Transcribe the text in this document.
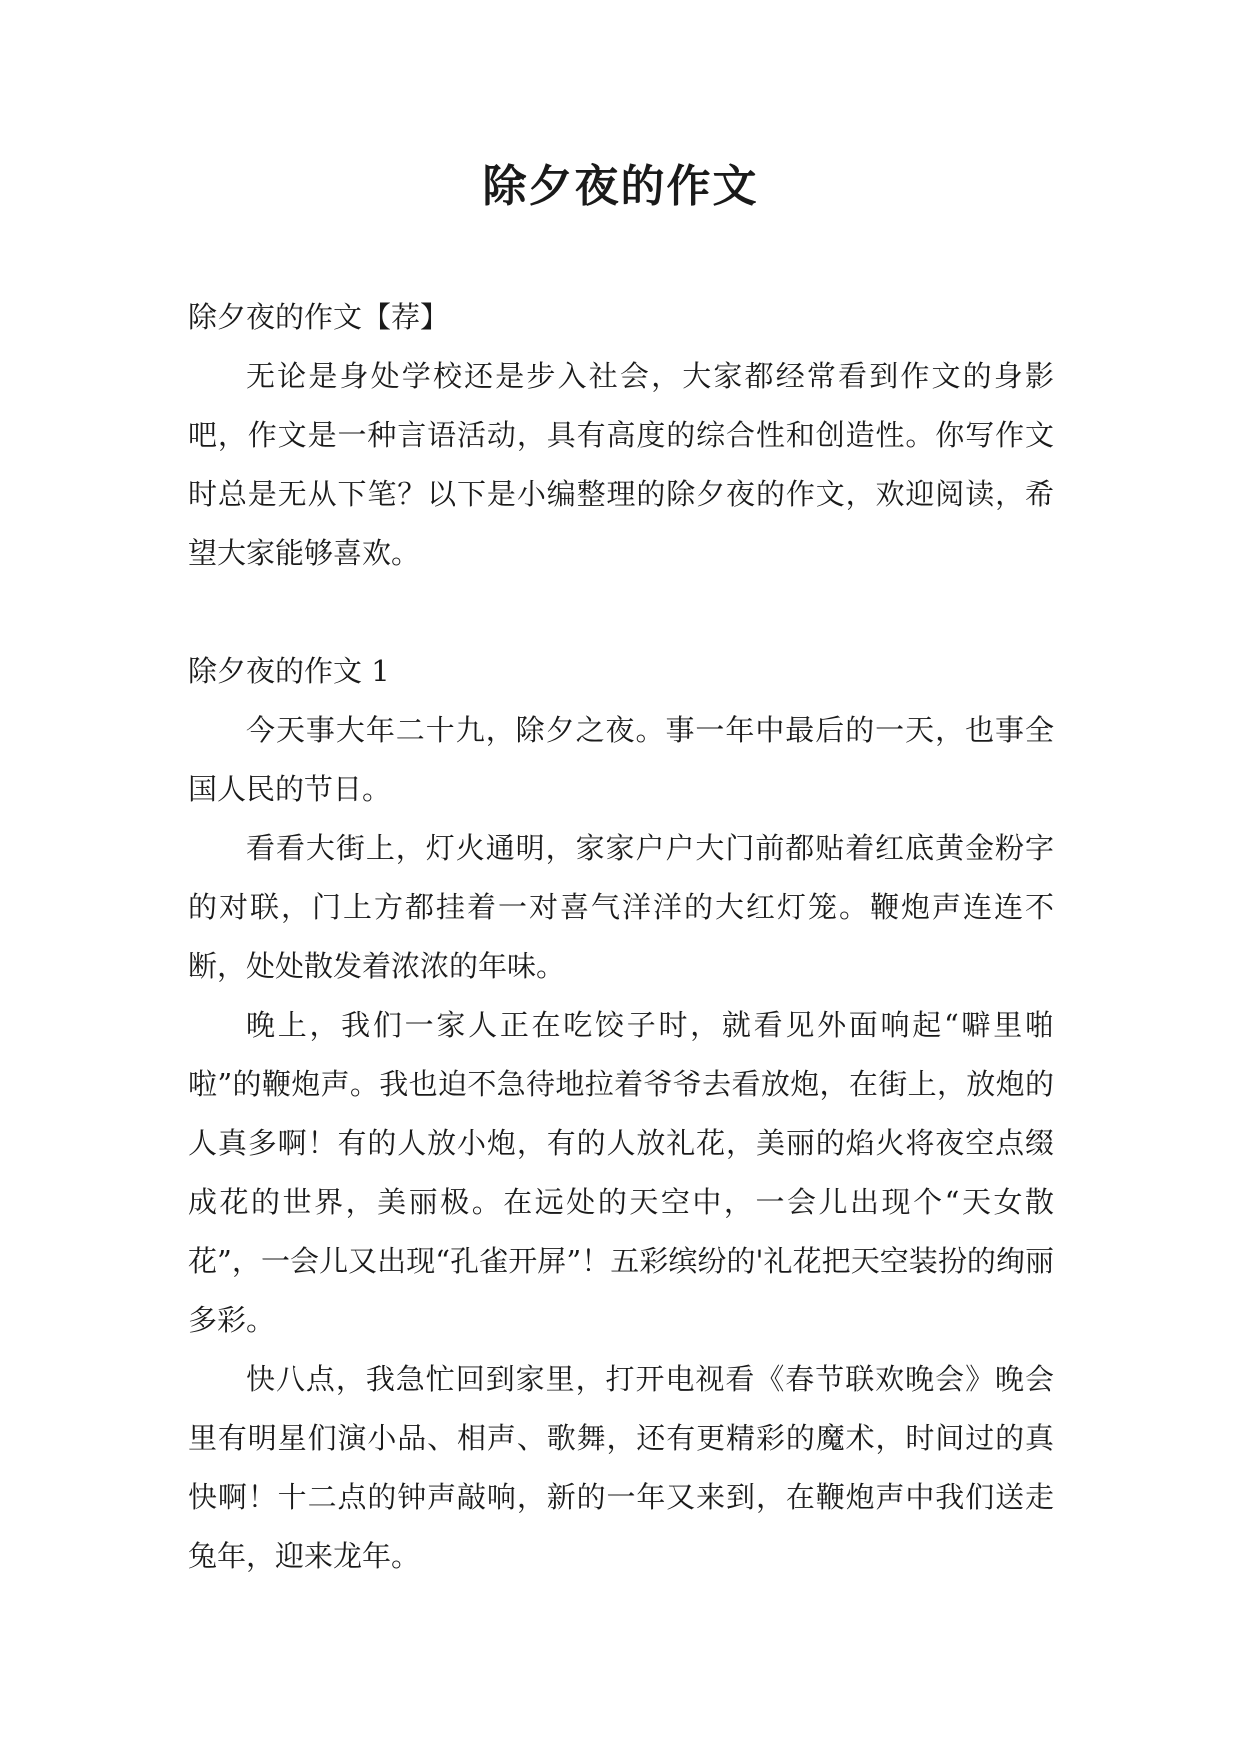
除夕夜的作文

除夕夜的作文【荐】

无论是身处学校还是步入社会，大家都经常看到作文的身影吧，作文是一种言语活动，具有高度的综合性和创造性。你写作文时总是无从下笔？以下是小编整理的除夕夜的作文，欢迎阅读，希望大家能够喜欢。

除夕夜的作文 1

今天事大年二十九，除夕之夜。事一年中最后的一天，也事全国人民的节日。

看看大街上，灯火通明，家家户户大门前都贴着红底黄金粉字的对联，门上方都挂着一对喜气洋洋的大红灯笼。鞭炮声连连不断，处处散发着浓浓的年味。

晚上，我们一家人正在吃饺子时，就看见外面响起“噼里啪啦”的鞭炮声。我也迫不急待地拉着爷爷去看放炮，在街上，放炮的人真多啊！有的人放小炮，有的人放礼花，美丽的焰火将夜空点缀成花的世界，美丽极。在远处的天空中，一会儿出现个“天女散花”，一会儿又出现“孔雀开屏”！五彩缤纷的'礼花把天空装扮的绚丽多彩。

快八点，我急忙回到家里，打开电视看《春节联欢晚会》晚会里有明星们演小品、相声、歌舞，还有更精彩的魔术，时间过的真快啊！十二点的钟声敲响，新的一年又来到，在鞭炮声中我们送走兔年，迎来龙年。
